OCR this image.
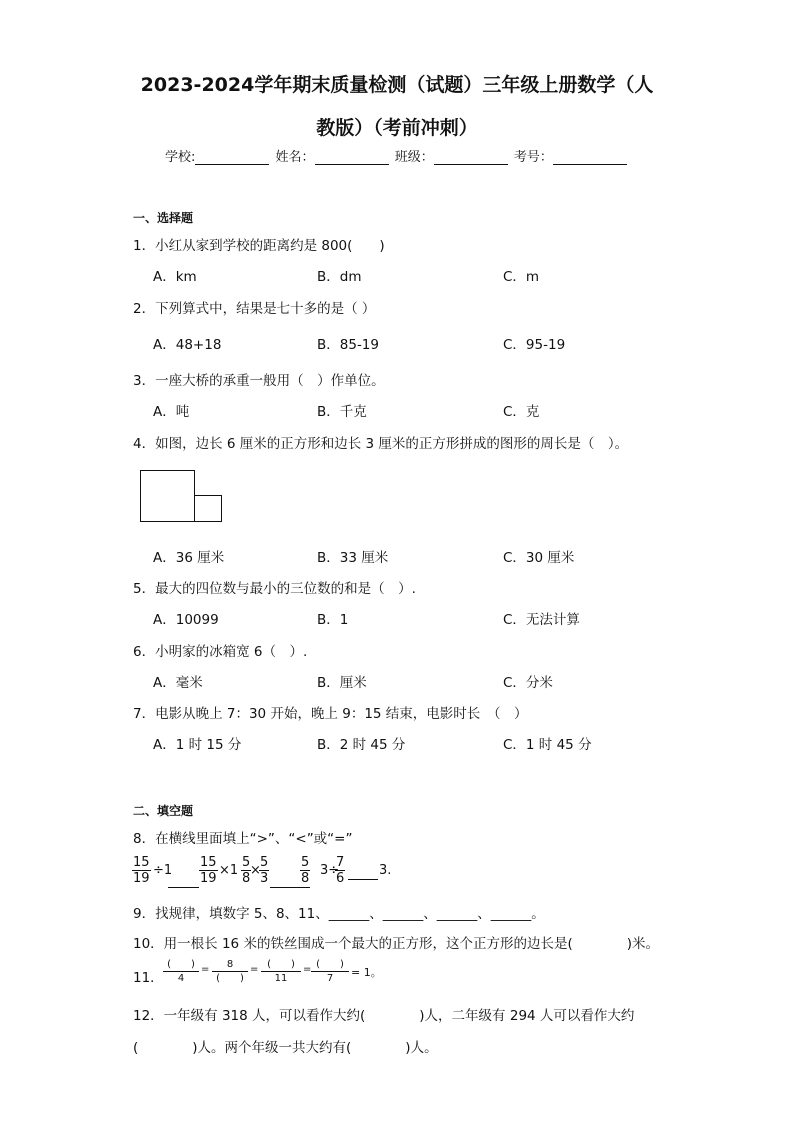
2023-2024学年期末质量检测（试题）三年级上册数学（人
教版）（考前冲刺）
学校:	姓名：	班级：	考号：
一、选择题
1．小红从家到学校的距离约是 800(　　)
A．km	B．dm	C．m
2．下列算式中，结果是七十多的是（ ）
A．48+18	B．85-19	C．95-19
3．一座大桥的承重一般用（　）作单位。
A．吨	B．千克	C．克
4．如图，边长 6 厘米的正方形和边长 3 厘米的正方形拼成的图形的周长是（　）。
A．36 厘米	B．33 厘米	C．30 厘米
5．最大的四位数与最小的三位数的和是（　）.
A．10099	B．1	C．无法计算
6．小明家的冰箱宽 6（　）.
A．毫米	B．厘米	C．分米
7．电影从晚上 7：30 开始，晚上 9：15 结束，电影时长　（　）
A．1 时 15 分	B．2 时 45 分	C．1 时 45 分
二、填空题
8．在横线里面填上“>”、“<”或“=”
$\frac{15}{19} \div 1 \frac{15}{19} \times 1 \frac{5}{8}$
×
$\frac{5}{3} \frac{5}{8} 3\div$
$\frac{7}{6}$	3.
9．找规律，填数字 5、8、11、______、______、______、______。
10．用一根长 16 米的铁丝围成一个最大的正方形，这个正方形的边长是(　　　　)米。
11．
(　　)
4
=	8
(　　)
= (　　)
11
= (　　)
7	= 1。
12．一年级有 318 人，可以看作大约(　　　　)人，二年级有 294 人可以看作大约
(　　　　)人。两个年级一共大约有(　　　　)人。
